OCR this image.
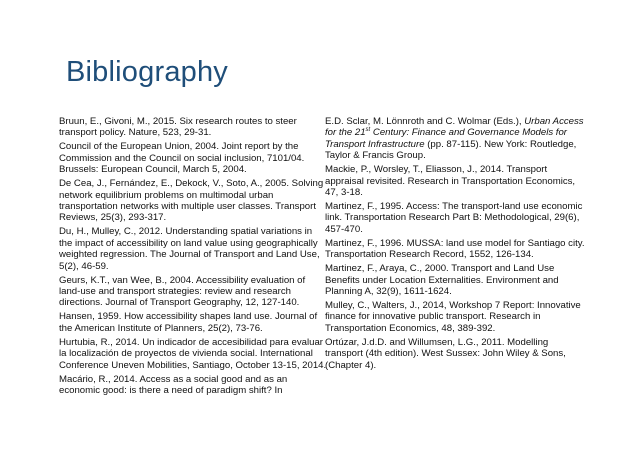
Bibliography

Bruun, E., Givoni, M., 2015. Six research routes to steer transport policy. Nature, 523, 29-31.

Council of the European Union, 2004. Joint report by the Commission and the Council on social inclusion, 7101/04. Brussels: European Council, March 5, 2004.

De Cea, J., Fernández, E., Dekock, V., Soto, A., 2005. Solving network equilibrium problems on multimodal urban transportation networks with multiple user classes. Transport Reviews, 25(3), 293-317.

Du, H., Mulley, C., 2012. Understanding spatial variations in the impact of accessibility on land value using geographically weighted regression. The Journal of Transport and Land Use, 5(2), 46-59.

Geurs, K.T., van Wee, B., 2004. Accessibility evaluation of land-use and transport strategies: review and research directions. Journal of Transport Geography, 12, 127-140.

Hansen, 1959. How accessibility shapes land use. Journal of the American Institute of Planners, 25(2), 73-76.

Hurtubia, R., 2014. Un indicador de accesibilidad para evaluar la localización de proyectos de vivienda social. International Conference Uneven Mobilities, Santiago, October 13-15, 2014.

Macário, R., 2014. Access as a social good and as an economic good: is there a need of paradigm shift? In

E.D. Sclar, M. Lönnroth and C. Wolmar (Eds.), Urban Access for the 21st Century: Finance and Governance Models for Transport Infrastructure (pp. 87-115). New York: Routledge, Taylor & Francis Group.

Mackie, P., Worsley, T., Eliasson, J., 2014. Transport appraisal revisited. Research in Transportation Economics, 47, 3-18.

Martinez, F., 1995. Access: The transport-land use economic link. Transportation Research Part B: Methodological, 29(6), 457-470.

Martinez, F., 1996. MUSSA: land use model for Santiago city. Transportation Research Record, 1552, 126-134.

Martinez, F., Araya, C., 2000. Transport and Land Use Benefits under Location Externalities. Environment and Planning A, 32(9), 1611-1624.

Mulley, C., Walters, J., 2014, Workshop 7 Report: Innovative finance for innovative public transport. Research in Transportation Economics, 48, 389-392.

Ortúzar, J.d.D. and Willumsen, L.G., 2011. Modelling transport (4th edition). West Sussex: John Wiley & Sons, (Chapter 4).
